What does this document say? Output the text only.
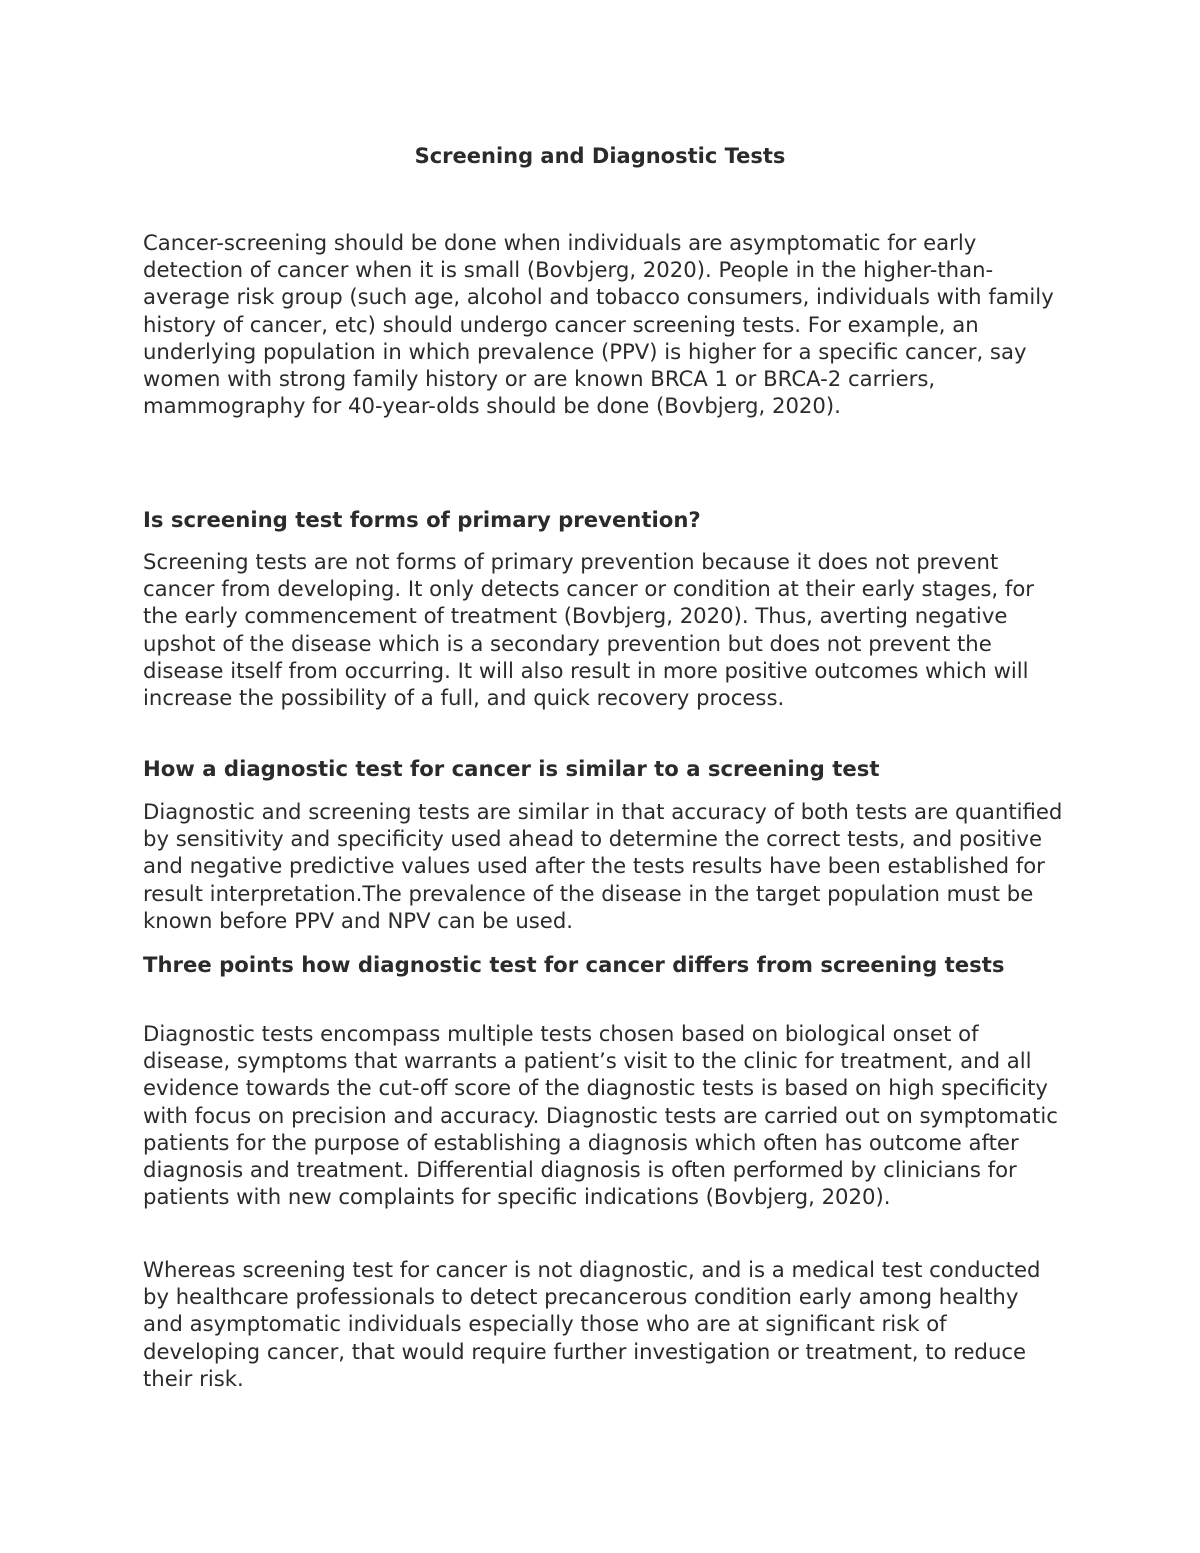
Screening and Diagnostic Tests

Cancer-screening should be done when individuals are asymptomatic for early detection of cancer when it is small (Bovbjerg, 2020). People in the higher-than-average risk group (such age, alcohol and tobacco consumers, individuals with family history of cancer, etc) should undergo cancer screening tests. For example, an underlying population in which prevalence (PPV) is higher for a specific cancer, say women with strong family history or are known BRCA 1 or BRCA-2 carriers, mammography for 40-year-olds should be done (Bovbjerg, 2020).

Is screening test forms of primary prevention?

Screening tests are not forms of primary prevention because it does not prevent cancer from developing. It only detects cancer or condition at their early stages, for the early commencement of treatment (Bovbjerg, 2020). Thus, averting negative upshot of the disease which is a secondary prevention but does not prevent the disease itself from occurring. It will also result in more positive outcomes which will increase the possibility of a full, and quick recovery process.

How a diagnostic test for cancer is similar to a screening test

Diagnostic and screening tests are similar in that accuracy of both tests are quantified by sensitivity and specificity used ahead to determine the correct tests, and positive and negative predictive values used after the tests results have been established for result interpretation.The prevalence of the disease in the target population must be known before PPV and NPV can be used.

Three points how diagnostic test for cancer differs from screening tests

Diagnostic tests encompass multiple tests chosen based on biological onset of disease, symptoms that warrants a patient’s visit to the clinic for treatment, and all evidence towards the cut-off score of the diagnostic tests is based on high specificity with focus on precision and accuracy. Diagnostic tests are carried out on symptomatic patients for the purpose of establishing a diagnosis which often has outcome after diagnosis and treatment. Differential diagnosis is often performed by clinicians for patients with new complaints for specific indications (Bovbjerg, 2020).

Whereas screening test for cancer is not diagnostic, and is a medical test conducted by healthcare professionals to detect precancerous condition early among healthy and asymptomatic individuals especially those who are at significant risk of developing cancer, that would require further investigation or treatment, to reduce their risk.
